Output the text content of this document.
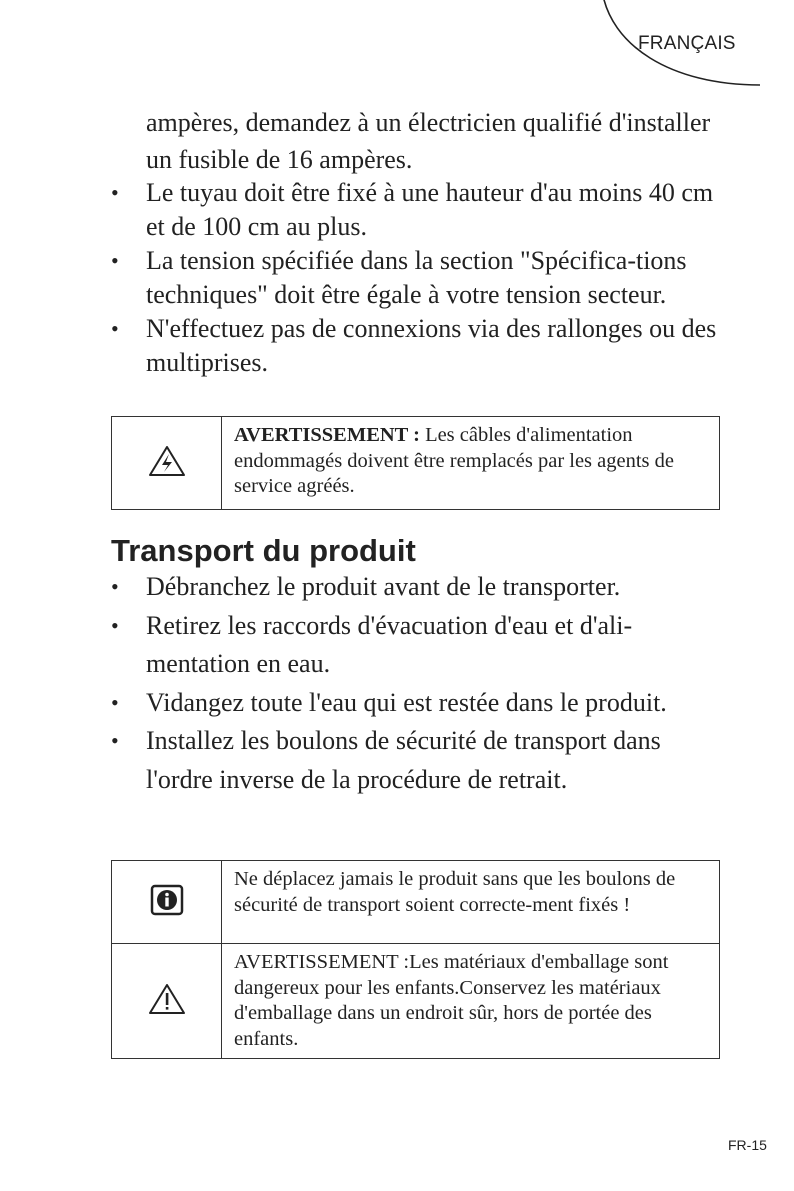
FRANÇAIS
ampères, demandez à un électricien qualifié d'installer un fusible de 16 ampères.
• Le tuyau doit être fixé à une hauteur d'au moins 40 cm et de 100 cm au plus.
• La tension spécifiée dans la section "Spécifica-tions techniques" doit être égale à votre tension secteur.
• N'effectuez pas de connexions via des rallonges ou des multiprises.
	AVERTISSEMENT : Les câbles d'alimentation endommagés doivent être remplacés par les agents de service agréés.
Transport du produit
• Débranchez le produit avant de le transporter.
• Retirez les raccords d'évacuation d'eau et d'ali-mentation en eau.
• Vidangez toute l'eau qui est restée dans le produit.
• Installez les boulons de sécurité de transport dans l'ordre inverse de la procédure de retrait.
	Ne déplacez jamais le produit sans que les boulons de sécurité de transport soient correcte-ment fixés !
	AVERTISSEMENT :Les matériaux d'emballage sont dangereux pour les enfants.Conservez les matériaux d'emballage dans un endroit sûr, hors de portée des enfants.
FR-15
